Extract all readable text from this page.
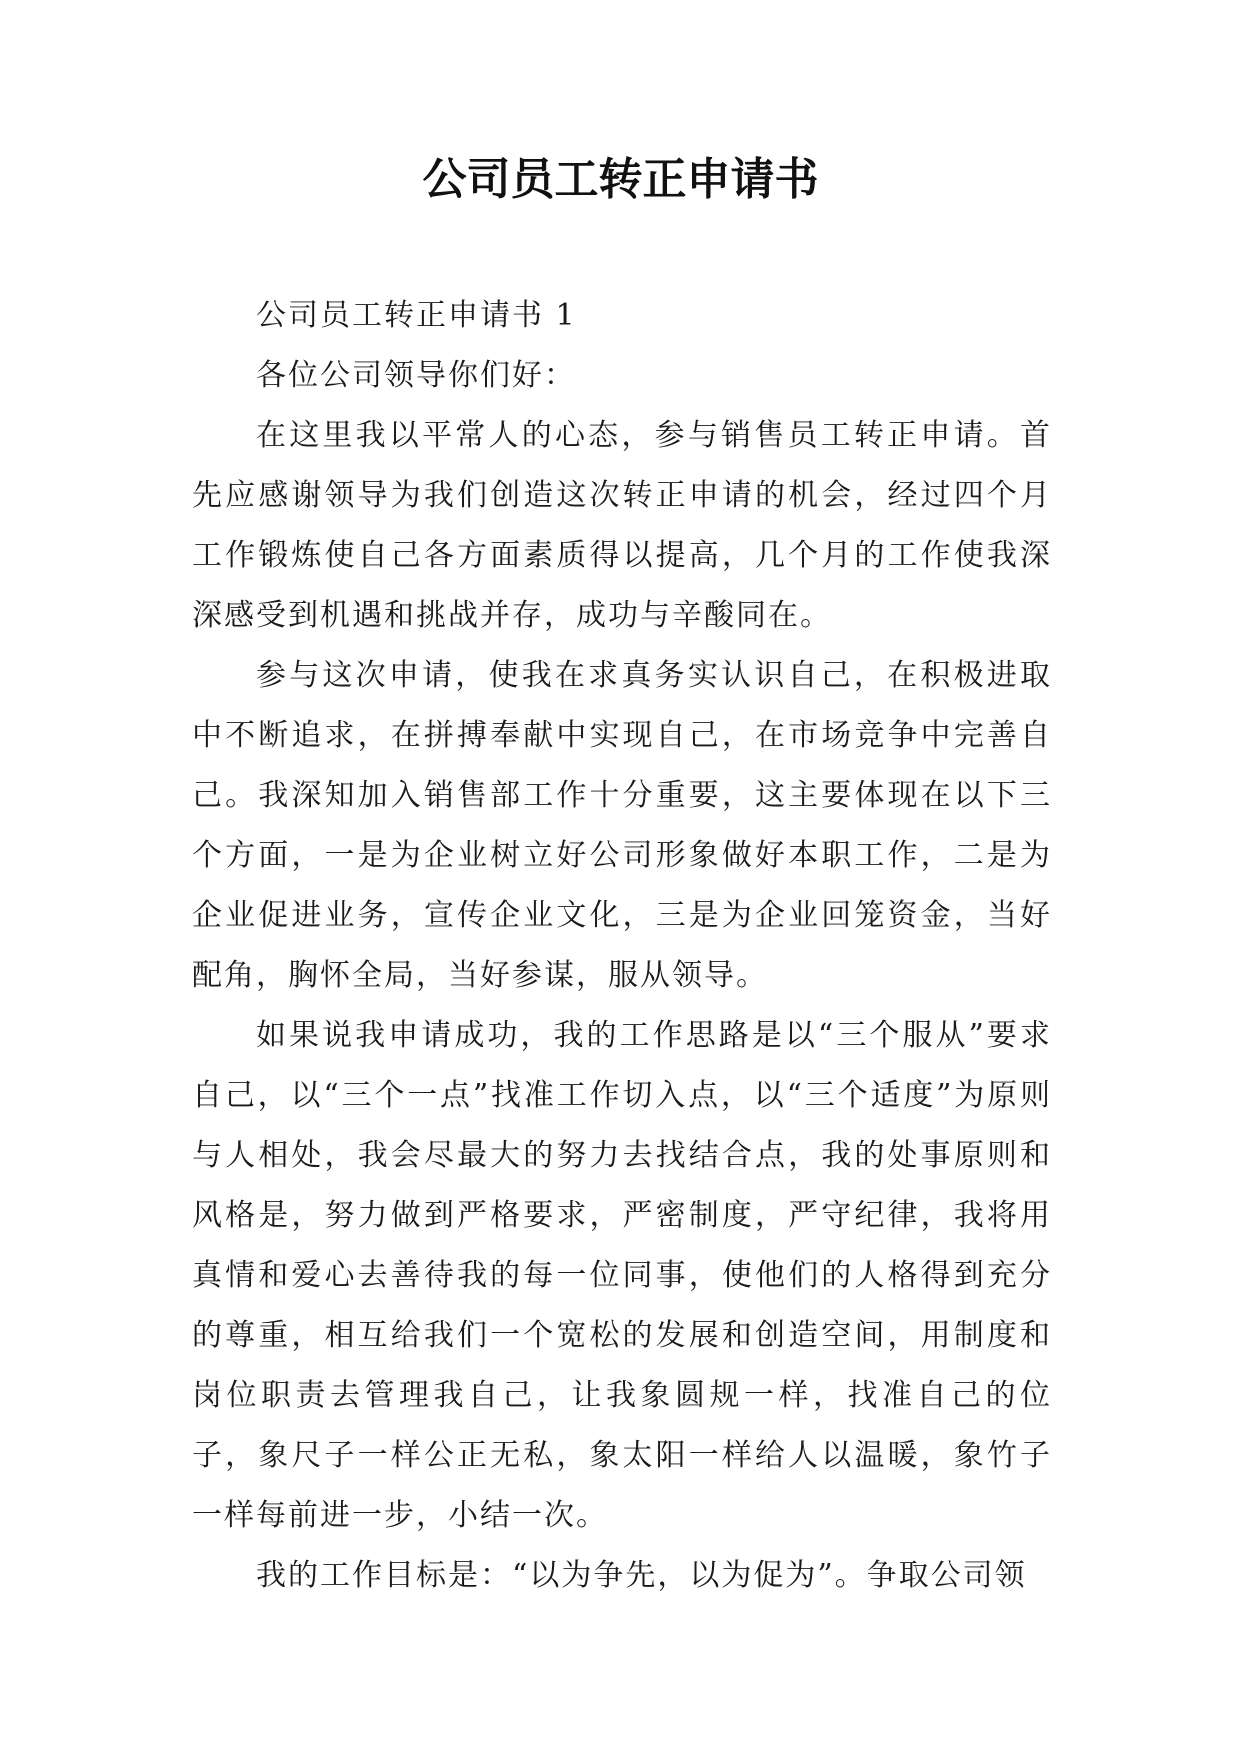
公司员工转正申请书

公司员工转正申请书 1

各位公司领导你们好：

在这里我以平常人的心态，参与销售员工转正申请。首先应感谢领导为我们创造这次转正申请的机会，经过四个月工作锻炼使自己各方面素质得以提高，几个月的工作使我深深感受到机遇和挑战并存，成功与辛酸同在。

参与这次申请，使我在求真务实认识自己，在积极进取中不断追求，在拼搏奉献中实现自己，在市场竞争中完善自己。我深知加入销售部工作十分重要，这主要体现在以下三个方面，一是为企业树立好公司形象做好本职工作，二是为企业促进业务，宣传企业文化，三是为企业回笼资金，当好配角，胸怀全局，当好参谋，服从领导。

如果说我申请成功，我的工作思路是以“三个服从”要求自己，以“三个一点”找准工作切入点，以“三个适度”为原则与人相处，我会尽最大的努力去找结合点，我的处事原则和风格是，努力做到严格要求，严密制度，严守纪律，我将用真情和爱心去善待我的每一位同事，使他们的人格得到充分的尊重，相互给我们一个宽松的发展和创造空间，用制度和岗位职责去管理我自己，让我象圆规一样，找准自己的位子，象尺子一样公正无私，象太阳一样给人以温暖，象竹子一样每前进一步，小结一次。

我的工作目标是：“以为争先，以为促为”。争取公司领
